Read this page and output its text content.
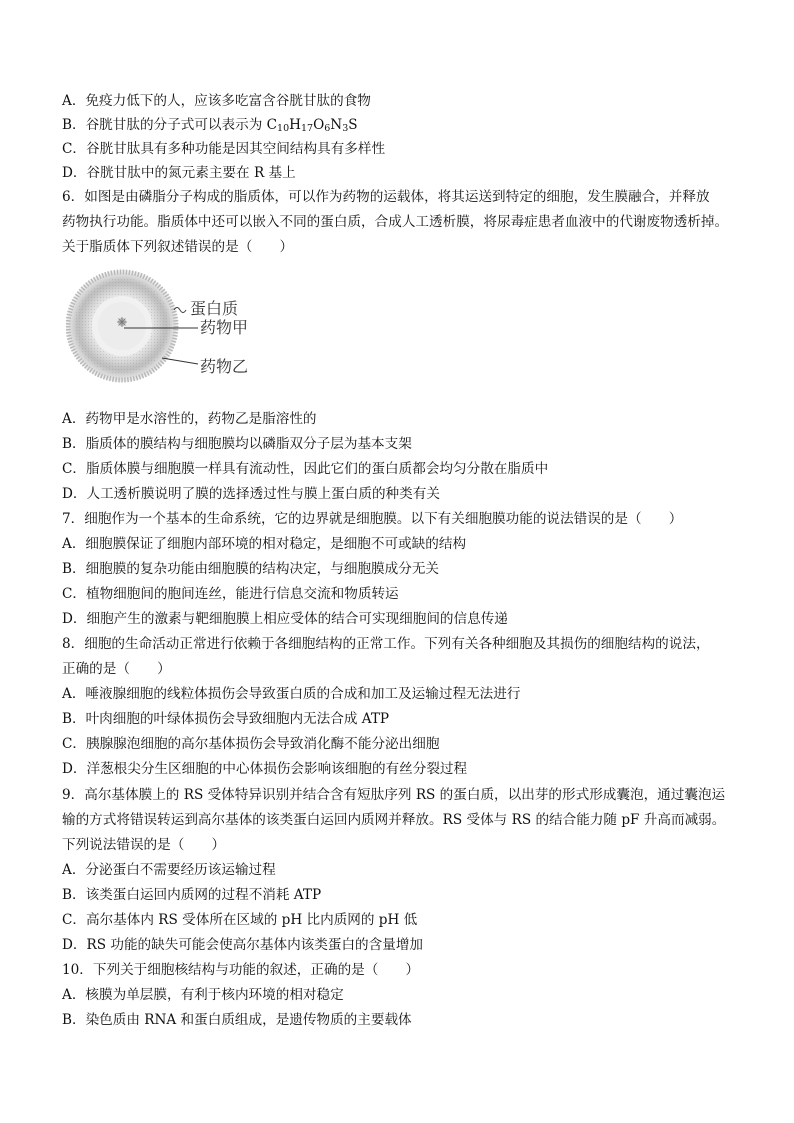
A．免疫力低下的人，应该多吃富含谷胱甘肽的食物
B．谷胱甘肽的分子式可以表示为 $C_{10}H_{17}O_6N_3S$
C．谷胱甘肽具有多种功能是因其空间结构具有多样性
D．谷胱甘肽中的氮元素主要在 R 基上
6．如图是由磷脂分子构成的脂质体，可以作为药物的运载体，将其运送到特定的细胞，发生膜融合，并释放
药物执行功能。脂质体中还可以嵌入不同的蛋白质，合成人工透析膜，将尿毒症患者血液中的代谢废物透析掉。
关于脂质体下列叙述错误的是（　　）
蛋白质
药物甲
药物乙
A．药物甲是水溶性的，药物乙是脂溶性的
B．脂质体的膜结构与细胞膜均以磷脂双分子层为基本支架
C．脂质体膜与细胞膜一样具有流动性，因此它们的蛋白质都会均匀分散在脂质中
D．人工透析膜说明了膜的选择透过性与膜上蛋白质的种类有关
7．细胞作为一个基本的生命系统，它的边界就是细胞膜。以下有关细胞膜功能的说法错误的是（　　）
A．细胞膜保证了细胞内部环境的相对稳定，是细胞不可或缺的结构
B．细胞膜的复杂功能由细胞膜的结构决定，与细胞膜成分无关
C．植物细胞间的胞间连丝，能进行信息交流和物质转运
D．细胞产生的激素与靶细胞膜上相应受体的结合可实现细胞间的信息传递
8．细胞的生命活动正常进行依赖于各细胞结构的正常工作。下列有关各种细胞及其损伤的细胞结构的说法，
正确的是（　　）
A．唾液腺细胞的线粒体损伤会导致蛋白质的合成和加工及运输过程无法进行
B．叶肉细胞的叶绿体损伤会导致细胞内无法合成 ATP
C．胰腺腺泡细胞的高尔基体损伤会导致消化酶不能分泌出细胞
D．洋葱根尖分生区细胞的中心体损伤会影响该细胞的有丝分裂过程
9．高尔基体膜上的 RS 受体特异识别并结合含有短肽序列 RS 的蛋白质，以出芽的形式形成囊泡，通过囊泡运
输的方式将错误转运到高尔基体的该类蛋白运回内质网并释放。RS 受体与 RS 的结合能力随 pF 升高而减弱。
下列说法错误的是（　　）
A．分泌蛋白不需要经历该运输过程
B．该类蛋白运回内质网的过程不消耗 ATP
C．高尔基体内 RS 受体所在区域的 pH 比内质网的 pH 低
D．RS 功能的缺失可能会使高尔基体内该类蛋白的含量增加
10．下列关于细胞核结构与功能的叙述，正确的是（　　）
A．核膜为单层膜，有利于核内环境的相对稳定
B．染色质由 RNA 和蛋白质组成，是遗传物质的主要载体
